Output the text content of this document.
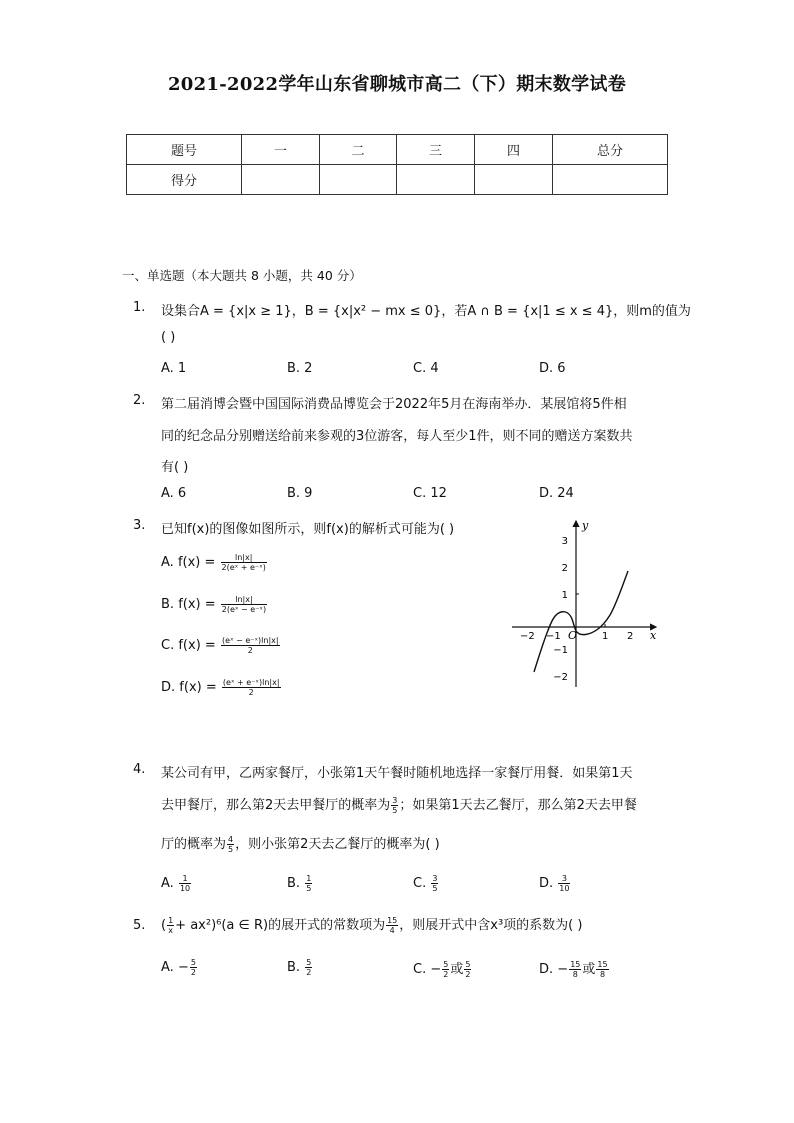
2021-2022学年山东省聊城市高二（下）期末数学试卷
题号	一	二	三	四	总分
得分					
一、单选题（本大题共 8 小题，共 40 分）
1. 设集合A = {x|x ≥ 1}，B = {x|x² − mx ≤ 0}，若A ∩ B = {x|1 ≤ x ≤ 4}，则m的值为
( )
A. 1	B. 2	C. 4	D. 6
2. 第二届消博会暨中国国际消费品博览会于2022年5月在海南举办．某展馆将5件相
同的纪念品分别赠送给前来参观的3位游客，每人至少1件，则不同的赠送方案数共
有( )
A. 6	B. 9	C. 12	D. 24
3. 已知f(x)的图像如图所示，则f(x)的解析式可能为( )
A. $f(x) = \frac{\ln|x|}{\text{2(eˣ + e⁻ˣ)}}$
B. $f(x) = \frac{\ln|x|}{\text{2(eˣ − e⁻ˣ)}}$
C. $f(x) = \frac{\text{(eˣ − e⁻ˣ)ln|x|}}{2}$
D. $f(x) = \frac{\text{(eˣ + e⁻ˣ)ln|x|}}{2}$
y
x
O
−2 −1	1 2
3
2
1
−1
−2
4. 某公司有甲，乙两家餐厅，小张第1天午餐时随机地选择一家餐厅用餐．如果第1天
去甲餐厅，那么第2天去甲餐厅的概率为 $\frac{3}{5}$ ；如果第1天去乙餐厅，那么第2天去甲餐
厅的概率为 $\frac{4}{5}$ ，则小张第2天去乙餐厅的概率为( )
A. $\frac{1}{10}$	B. $\frac{1}{5}$	C. $\frac{3}{5}$	D. $\frac{3}{10}$
5. ( $\frac{1}{x} + ax^2)^6(a$ ∈ R)的展开式的常数项为 $\frac{15}{4}$ ，则展开式中含x³项的系数为( )
A. − $\frac{5}{2}$	B. $\frac{5}{2}$	C. − $\frac{5}{2}$ 或 $\frac{5}{2}$	D. − $\frac{15}{8}$ 或 $\frac{15}{8}$
